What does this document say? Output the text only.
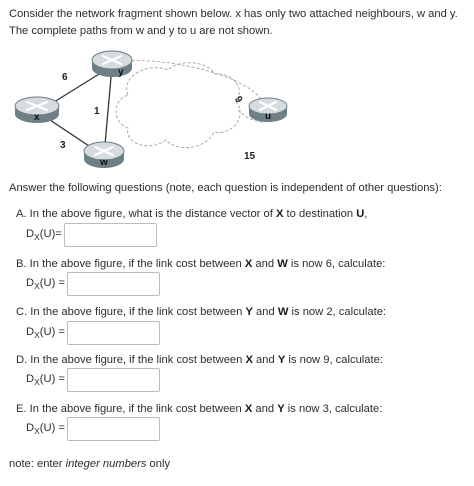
Consider the network fragment shown below. x has only two attached neighbours, w and y. The complete paths from w and y to u are not shown.
6
3
1
9
15
y
x
w
u
Answer the following questions (note, each question is independent of other questions):
A. In the above figure, what is the distance vector of X to destination U,
$D_X(U)=$
B. In the above figure, if the link cost between X and W is now 6, calculate:
$D_X(U)$ =
C. In the above figure, if the link cost between Y and W is now 2, calculate:
$D_X(U)$ =
D. In the above figure, if the link cost between X and Y is now 9, calculate:
$D_X(U)$ =
E. In the above figure, if the link cost between X and Y is now 3, calculate:
$D_X(U)$ =
note: enter integer numbers only
